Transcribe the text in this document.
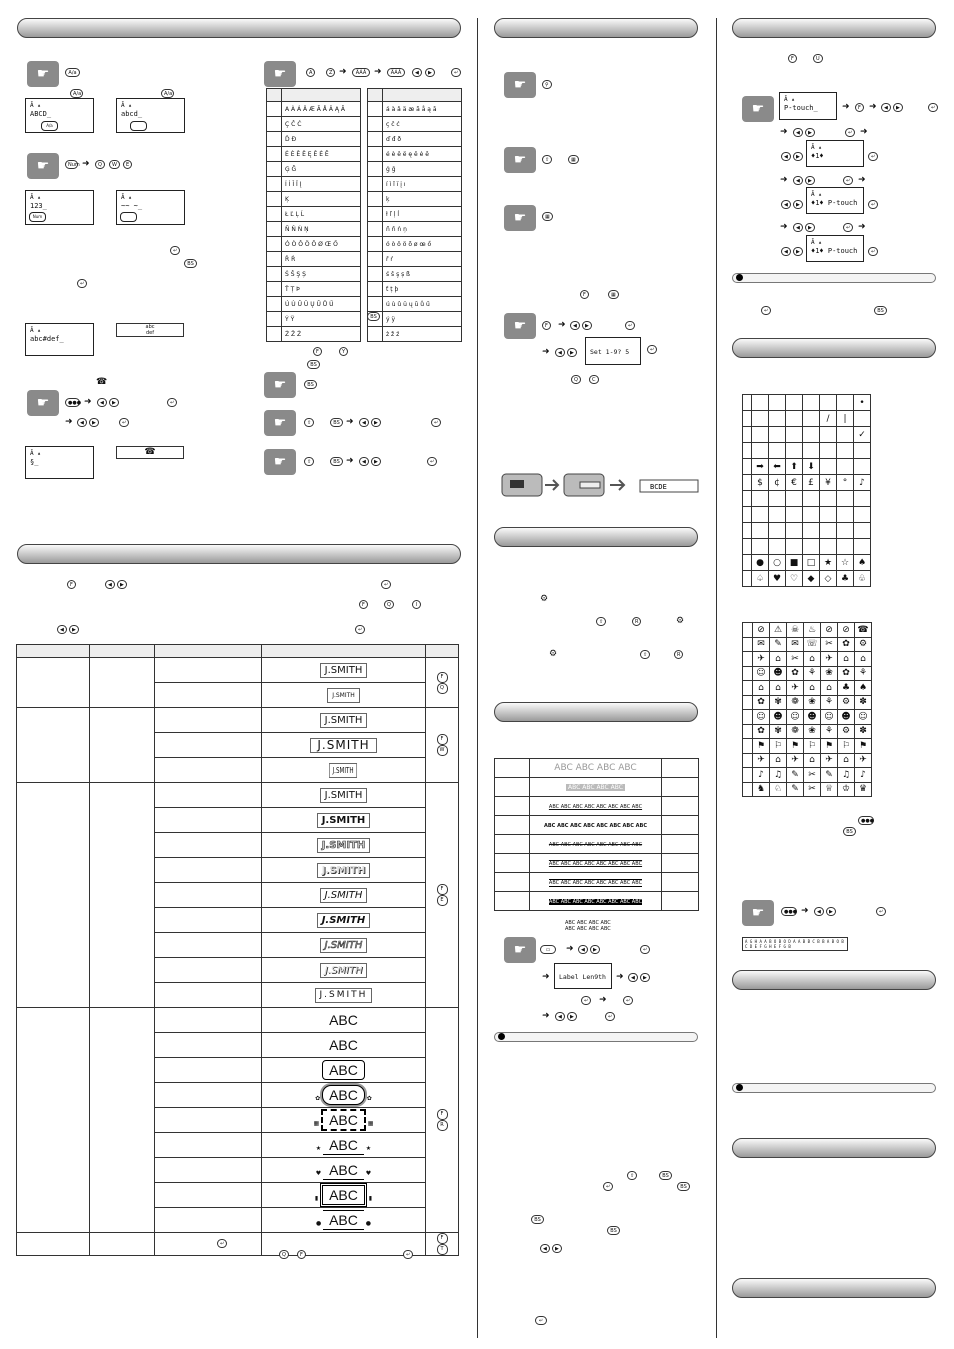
☛	A/a
A/a	A/a
Ā ▴
ABCD_
A/a
Ā ▴
abcd_
☛	Num ➜	Q	W	E
Ā ▴
123_
Num
Ā ▴
~~ ~_
↵
BS
↵
Ā ▴
abc#def_
abc
def
☎
☛	●●● ➜	◀	▶	↵
➜	◀	▶	↵
Ā ▴
§_
☎
☛	A	Z ➜	ÄÁÂ ➜	ÄÁÂ	◀	▶	↵

	A À Á Ä Æ Ã Å Â Ą Ā
	Ç Č Ć
	Ď Đ
	É È Ê Ë Ę Ě Ė Ē
	Ģ Ğ
	Í Ì Î Ï Į
	Ķ
	Ł Ľ Ļ Ĺ
	Ñ Ň Ń Ņ
	Ó Ò Ô Ö Õ Ø Œ Ő
	Ř Ŕ
	Ś Š Ş Ș
	Ť Ț Þ
	Ú Ù Û Ü Ų Ū Ů Ű
	Ý Ÿ
	Ż Ž Ź

	á à â ä æ ã å ą ā
	ç č ć
	ď đ ð
	é è ê ë ę ě ė ē
	ģ ğ
	í ì î ï į ı
	ķ
	ł ľ ļ ĺ
	ñ ň ń ņ
	ó ò ô ö õ ø œ ő
	ř ŕ
	ś š ş ș ß
	ť ț þ
	ú ù û ü ų ū ů ű
	ý ÿ
	ż ž ź
BS
F	Y
BS
☛	BS
☛	⇧	BS ➜	◀	▶	↵
☛	⇧	BS ➜	◀	▶	↵
F	◀	▶	↵
F	Q	I
◀	▶	↵

			J.SMITH	FQ
			J.SMITH	
			J.SMITH	FW
			J.SMITH	
			J.SMITH	
			J.SMITH	FE
			J.SMITH	
			J.SMITH	
			J.SMITH	
			J.SMITH	
			J.SMITH	
			J.SMITH	
			J.SMITH	
			J.SMITH	
			ABC	FR
			ABC	
			ABC	
			✿ ABC ✿	
			▦ ABC ▦	
			★ ABC ★	
			♥ ABC ♥	
			▮ ABC ▮	
			● ABC ●	
				FT
↵
Q	F	↵
☛	⚲
☛	⇧	▦
☛	▦
F	▦
☛	F	➜	◀	▶	↵
➜	◀	▶	Set 1-9? 5	↵
Q	C
BCDE
⚙
⇧	R	⚙
⚙	⇧	R

	ABC ABC ABC ABC	
	ABC ABC ABC ABC	
	ABC ABC ABC ABC ABC ABC ABC ABC	
	ABC ABC ABC ABC ABC ABC ABC ABC	
	ABC ABC ABC ABC ABC ABC ABC ABC	
	ABC ABC ABC ABC ABC ABC ABC ABC	
	ABC ABC ABC ABC ABC ABC ABC ABC	
	ABC ABC ABC ABC ABC ABC ABC ABC	
ABC ABC ABC ABC
ABC ABC ABC ABC
☛	▭	➜	◀	▶	↵
➜	Label Len9th	➜	◀	▶
↵	➜	↵
➜	◀	▶	↵
⇧	BS
↵	BS
BS
BS
◀	▶
↵
F	U
☛
Ā ▴
P-touch_	➜	F ➜	◀	▶	↵
➜	◀	▶	↵ ➜
◀	▶
Ā ▴
♦1♦	↵
➜	◀	▶	↵ ➜
◀	▶
Ā ▴
♦1♦ P-touch	↵
➜	◀	▶	↵ ➜
◀	▶
Ā ▴
♦1♦ P-touch	↵
↵	BS
							•
					/	|	
							✓

	➡	⬅	⬆	⬇			
	$	¢	€	£	¥	°	♪

	●	○	■	□	★	☆	♠
	♤	♥	♡	◆	◇	♣	♧

	⊘	⚠	☠	♨	⊘	⊘	☎
	✉	✎	✉	☏	✂	✿	⚙
	✈	⌂	✂	⌂	✈	⌂	⌂
	☺	☻	✿	⚘	❀	✿	⚘
	⌂	⌂	✈	⌂	⌂	♣	♠
	✿	✾	❁	❀	⚘	⚙	✽
	☺	☻	☺	☻	☺	☻	☺
	✿	✾	❁	❀	⚘	⚙	✽
	⚑	⚐	⚑	⚐	⚑	⚐	⚑
	✈	⌂	✈	⌂	✈	⌂	✈
	♪	♫	✎	✂	✎	♫	♪
	♞	♘	✎	✂	♕	♔	♛
●●●
BS
☛	●●● ➜	◀	▶	↵
A G H A A B O B O D A A B B C B B A B O B C D E F G H E F G B
